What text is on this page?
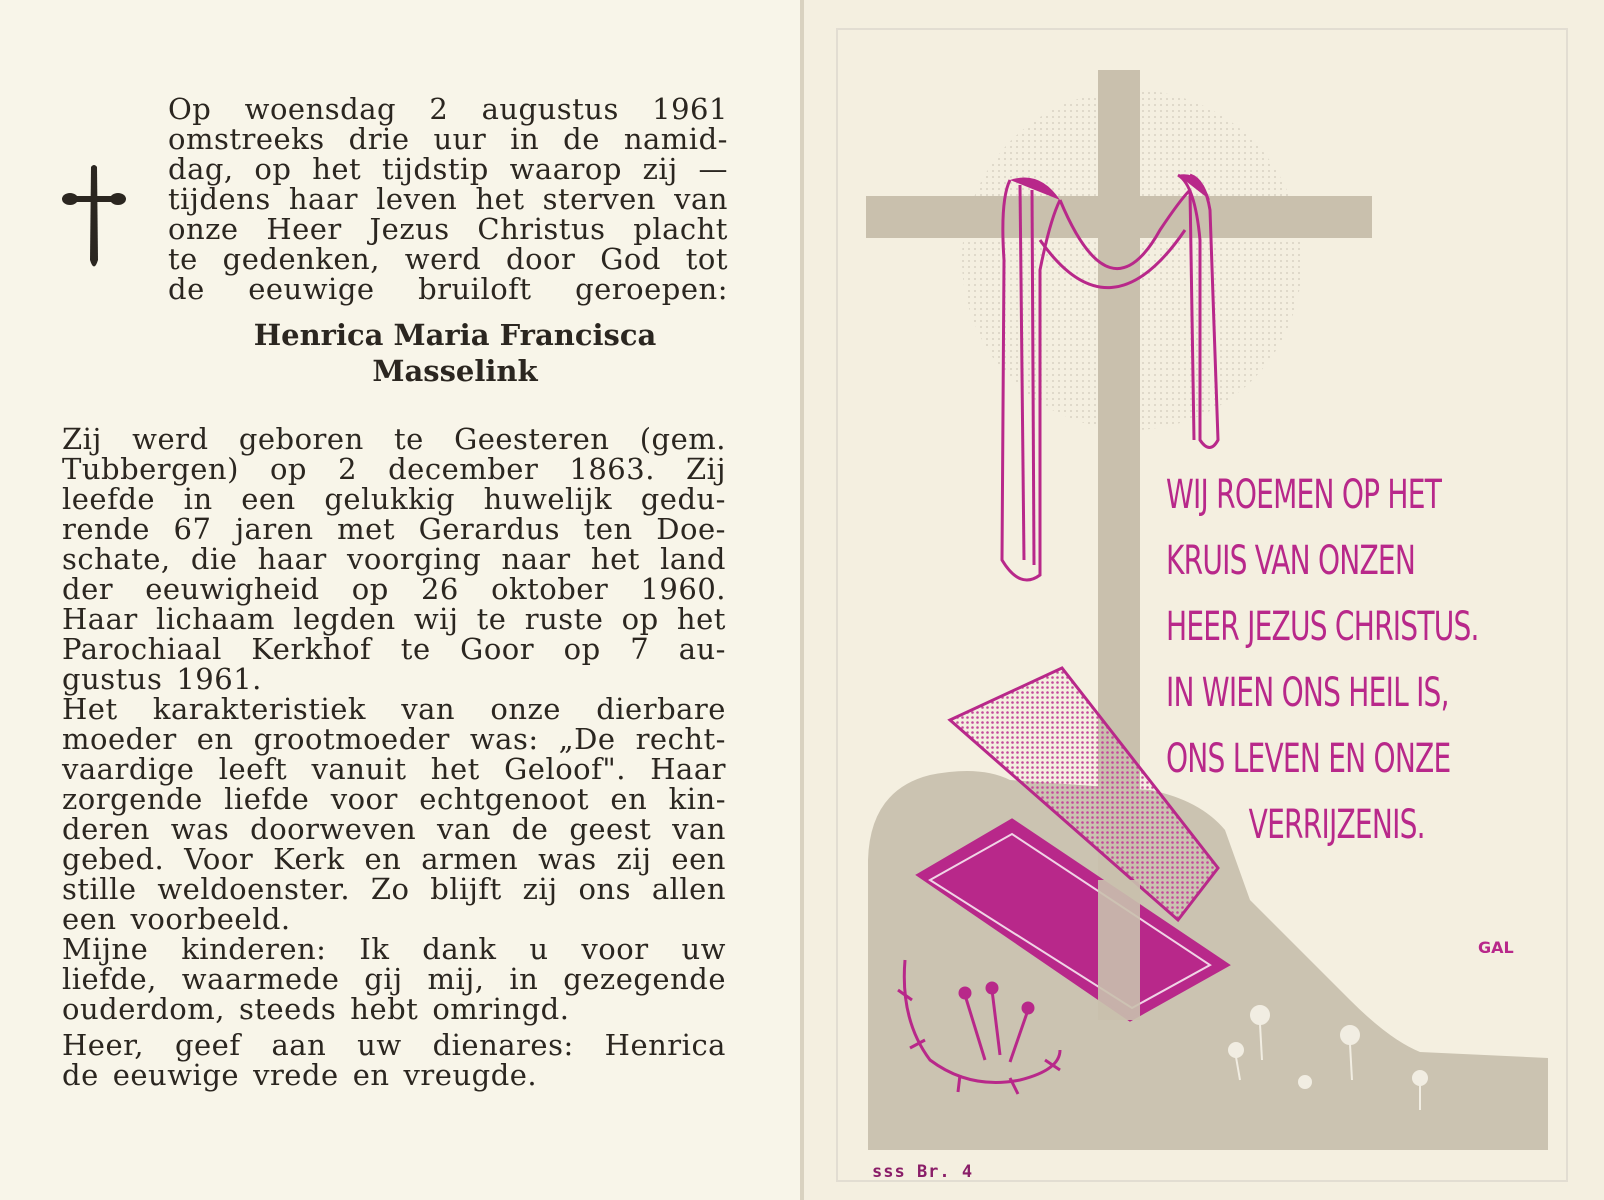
Op woensdag 2 augustus 1961
omstreeks drie uur in de namid-
dag, op het tijdstip waarop zij —
tijdens haar leven het sterven van
onze Heer Jezus Christus placht
te gedenken, werd door God tot
de eeuwige bruiloft geroepen:
Henrica Maria Francisca
Masselink
Zij werd geboren te Geesteren (gem.
Tubbergen) op 2 december 1863. Zij
leefde in een gelukkig huwelijk gedu-
rende 67 jaren met Gerardus ten Doe-
schate, die haar voorging naar het land
der eeuwigheid op 26 oktober 1960.
Haar lichaam legden wij te ruste op het
Parochiaal Kerkhof te Goor op 7 au-
gustus 1961.
Het karakteristiek van onze dierbare
moeder en grootmoeder was: „De recht-
vaardige leeft vanuit het Geloof". Haar
zorgende liefde voor echtgenoot en kin-
deren was doorweven van de geest van
gebed. Voor Kerk en armen was zij een
stille weldoenster. Zo blijft zij ons allen
een voorbeeld.
Mijne kinderen: Ik dank u voor uw
liefde, waarmede gij mij, in gezegende
ouderdom, steeds hebt omringd.
Heer, geef aan uw dienares: Henrica
de eeuwige vrede en vreugde.
WIJ ROEMEN OP HET
KRUIS VAN ONZEN
HEER JEZUS CHRISTUS.
IN WIEN ONS HEIL IS,
ONS LEVEN EN ONZE
VERRIJZENIS.
GAL
sss Br. 4
